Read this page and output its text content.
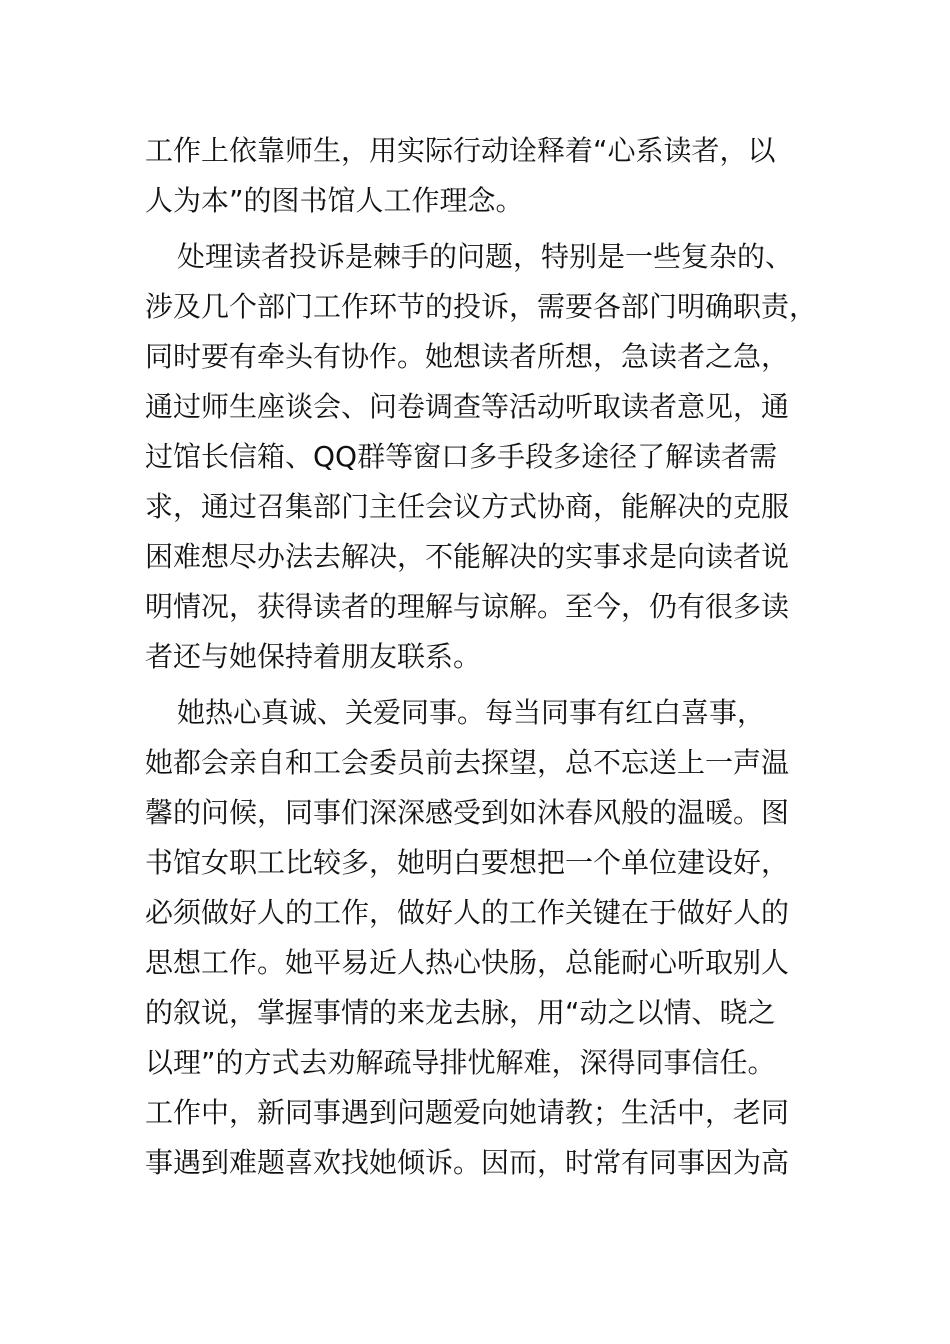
工作上依靠师生，用实际行动诠释着“心系读者，以
人为本”的图书馆人工作理念。
处理读者投诉是棘手的问题，特别是一些复杂的、
涉及几个部门工作环节的投诉，需要各部门明确职责，
同时要有牵头有协作。她想读者所想，急读者之急，
通过师生座谈会、问卷调查等活动听取读者意见，通
过馆长信箱、QQ群等窗口多手段多途径了解读者需
求，通过召集部门主任会议方式协商，能解决的克服
困难想尽办法去解决，不能解决的实事求是向读者说
明情况，获得读者的理解与谅解。至今，仍有很多读
者还与她保持着朋友联系。
她热心真诚、关爱同事。每当同事有红白喜事，
她都会亲自和工会委员前去探望，总不忘送上一声温
馨的问候，同事们深深感受到如沐春风般的温暖。图
书馆女职工比较多，她明白要想把一个单位建设好，
必须做好人的工作，做好人的工作关键在于做好人的
思想工作。她平易近人热心快肠，总能耐心听取别人
的叙说，掌握事情的来龙去脉，用“动之以情、晓之
以理”的方式去劝解疏导排忧解难，深得同事信任。
工作中，新同事遇到问题爱向她请教；生活中，老同
事遇到难题喜欢找她倾诉。因而，时常有同事因为高
